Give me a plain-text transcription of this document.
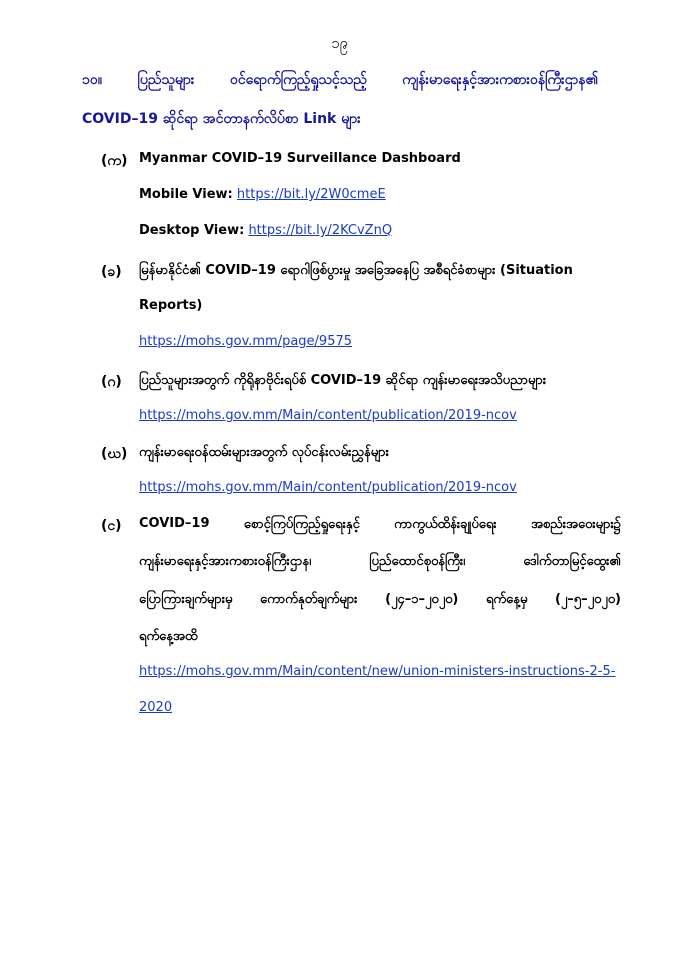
၁၉
၁၀။	ပြည်သူများ	ဝင်ရောက်ကြည့်ရှုသင့်သည့်	ကျန်းမာရေးနှင့်အားကစားဝန်ကြီးဌာန၏
COVID–19 ဆိုင်ရာ အင်တာနက်လိပ်စာ Link များ
(က) Myanmar COVID–19 Surveillance Dashboard
Mobile View: https://bit.ly/2W0cmeE
Desktop View: https://bit.ly/2KCvZnQ
(ခ) မြန်မာနိုင်ငံ၏ COVID–19 ရောဂါဖြစ်ပွားမှု အခြေအနေပြ အစီရင်ခံစာများ (Situation
Reports)
https://mohs.gov.mm/page/9575
(ဂ) ပြည်သူများအတွက် ကိုရိုနာဗိုင်းရပ်စ် COVID–19 ဆိုင်ရာ ကျန်းမာရေးအသိပညာများ
https://mohs.gov.mm/Main/content/publication/2019-ncov
(ဃ) ကျန်းမာရေးဝန်ထမ်းများအတွက် လုပ်ငန်းလမ်းညွှန်များ
https://mohs.gov.mm/Main/content/publication/2019-ncov
(င) COVID–19	စောင့်ကြပ်ကြည့်ရှုရေးနှင့်	ကာကွယ်ထိန်းချုပ်ရေး	အစည်းအဝေးများ၌
ကျန်းမာရေးနှင့်အားကစားဝန်ကြီးဌာန၊	ပြည်ထောင်စုဝန်ကြီး၊	ဒေါက်တာမြင့်ထွေး၏
ပြောကြားချက်များမှ ကောက်နုတ်ချက်များ (၂၄–၁–၂၀၂၀) ရက်နေ့မှ (၂–၅–၂၀၂၀)
ရက်နေ့အထိ
https://mohs.gov.mm/Main/content/new/union-ministers-instructions-2-5-
2020
